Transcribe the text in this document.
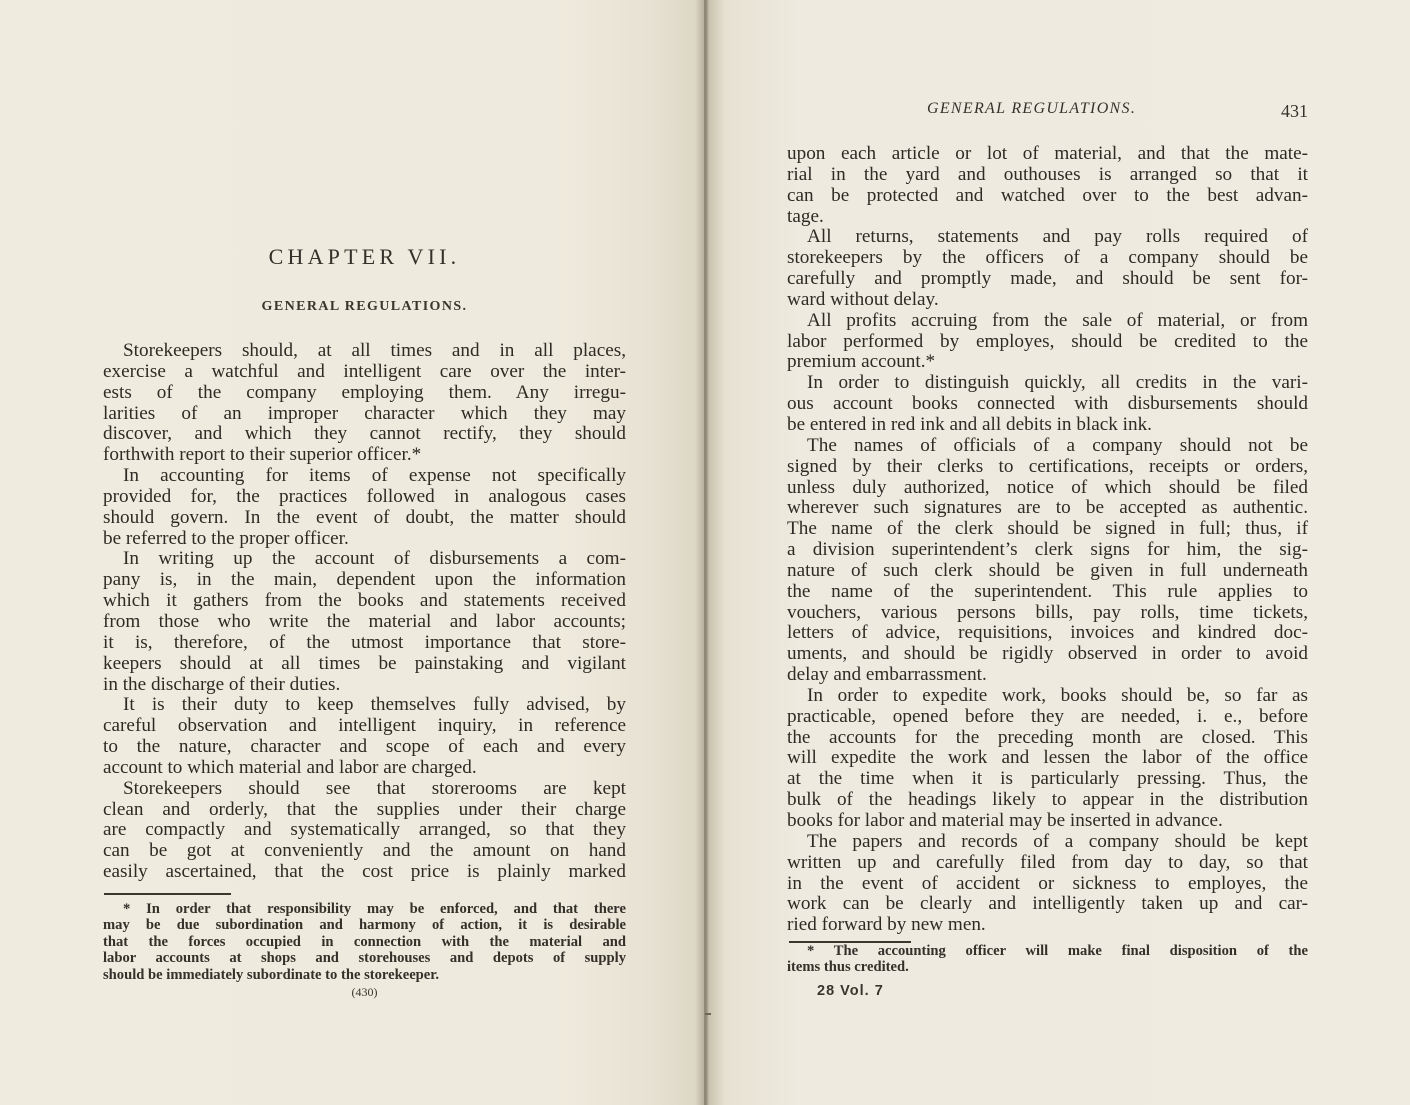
CHAPTER VII.
GENERAL REGULATIONS.
Storekeepers should, at all times and in all places,
exercise a watchful and intelligent care over the inter-
ests of the company employing them. Any irregu-
larities of an improper character which they may
discover, and which they cannot rectify, they should
forthwith report to their superior officer.*
In accounting for items of expense not specifically
provided for, the practices followed in analogous cases
should govern. In the event of doubt, the matter should
be referred to the proper officer.
In writing up the account of disbursements a com-
pany is, in the main, dependent upon the information
which it gathers from the books and statements received
from those who write the material and labor accounts;
it is, therefore, of the utmost importance that store-
keepers should at all times be painstaking and vigilant
in the discharge of their duties.
It is their duty to keep themselves fully advised, by
careful observation and intelligent inquiry, in reference
to the nature, character and scope of each and every
account to which material and labor are charged.
Storekeepers should see that storerooms are kept
clean and orderly, that the supplies under their charge
are compactly and systematically arranged, so that they
can be got at conveniently and the amount on hand
easily ascertained, that the cost price is plainly marked
* In order that responsibility may be enforced, and that there
may be due subordination and harmony of action, it is desirable
that the forces occupied in connection with the material and
labor accounts at shops and storehouses and depots of supply
should be immediately subordinate to the storekeeper.
(430)
GENERAL REGULATIONS.	431
upon each article or lot of material, and that the mate-
rial in the yard and outhouses is arranged so that it
can be protected and watched over to the best advan-
tage.
All returns, statements and pay rolls required of
storekeepers by the officers of a company should be
carefully and promptly made, and should be sent for-
ward without delay.
All profits accruing from the sale of material, or from
labor performed by employes, should be credited to the
premium account.*
In order to distinguish quickly, all credits in the vari-
ous account books connected with disbursements should
be entered in red ink and all debits in black ink.
The names of officials of a company should not be
signed by their clerks to certifications, receipts or orders,
unless duly authorized, notice of which should be filed
wherever such signatures are to be accepted as authentic.
The name of the clerk should be signed in full; thus, if
a division superintendent’s clerk signs for him, the sig-
nature of such clerk should be given in full underneath
the name of the superintendent. This rule applies to
vouchers, various persons bills, pay rolls, time tickets,
letters of advice, requisitions, invoices and kindred doc-
uments, and should be rigidly observed in order to avoid
delay and embarrassment.
In order to expedite work, books should be, so far as
practicable, opened before they are needed, i. e., before
the accounts for the preceding month are closed. This
will expedite the work and lessen the labor of the office
at the time when it is particularly pressing. Thus, the
bulk of the headings likely to appear in the distribution
books for labor and material may be inserted in advance.
The papers and records of a company should be kept
written up and carefully filed from day to day, so that
in the event of accident or sickness to employes, the
work can be clearly and intelligently taken up and car-
ried forward by new men.
* The accounting officer will make final disposition of the
items thus credited.
28 Vol. 7
